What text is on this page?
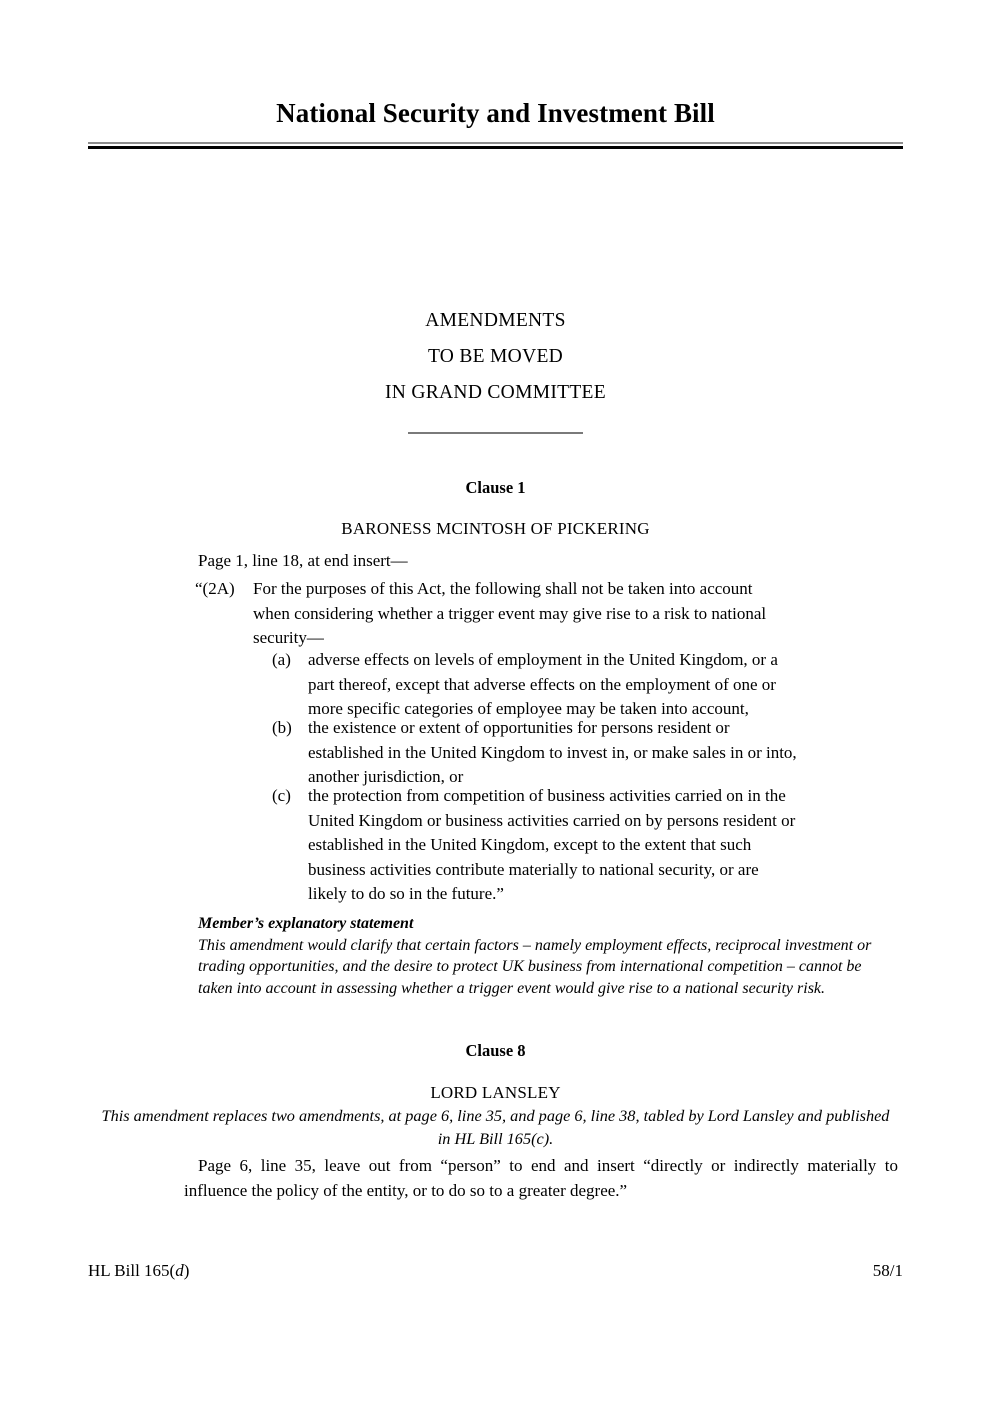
National Security and Investment Bill
AMENDMENTS
TO BE MOVED
IN GRAND COMMITTEE
Clause 1
BARONESS MCINTOSH OF PICKERING
Page 1, line 18, at end insert—
“(2A)	For the purposes of this Act, the following shall not be taken into account
when considering whether a trigger event may give rise to a risk to national
security—
(a)	adverse effects on levels of employment in the United Kingdom, or a
part thereof, except that adverse effects on the employment of one or
more specific categories of employee may be taken into account,
(b) the existence or extent of opportunities for persons resident or
established in the United Kingdom to invest in, or make sales in or into,
another jurisdiction, or
(c)	the protection from competition of business activities carried on in the
United Kingdom or business activities carried on by persons resident or
established in the United Kingdom, except to the extent that such
business activities contribute materially to national security, or are
likely to do so in the future.”
Member’s explanatory statement
This amendment would clarify that certain factors – namely employment effects, reciprocal investment or trading opportunities, and the desire to protect UK business from international competition – cannot be taken into account in assessing whether a trigger event would give rise to a national security risk.
Clause 8
LORD LANSLEY
This amendment replaces two amendments, at page 6, line 35, and page 6, line 38, tabled by Lord Lansley and published in HL Bill 165(c).
Page 6, line 35, leave out from “person” to end and insert “directly or indirectly materially to influence the policy of the entity, or to do so to a greater degree.”
HL Bill 165(d)	58/1
